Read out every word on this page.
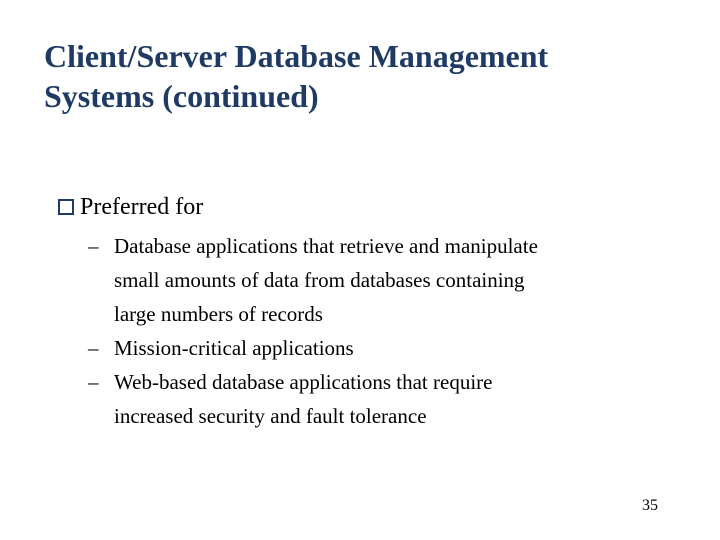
Client/Server Database Management
Systems (continued)
Preferred for
– Database applications that retrieve and manipulate
small amounts of data from databases containing
large numbers of records
– Mission-critical applications
– Web-based database applications that require
increased security and fault tolerance
35
